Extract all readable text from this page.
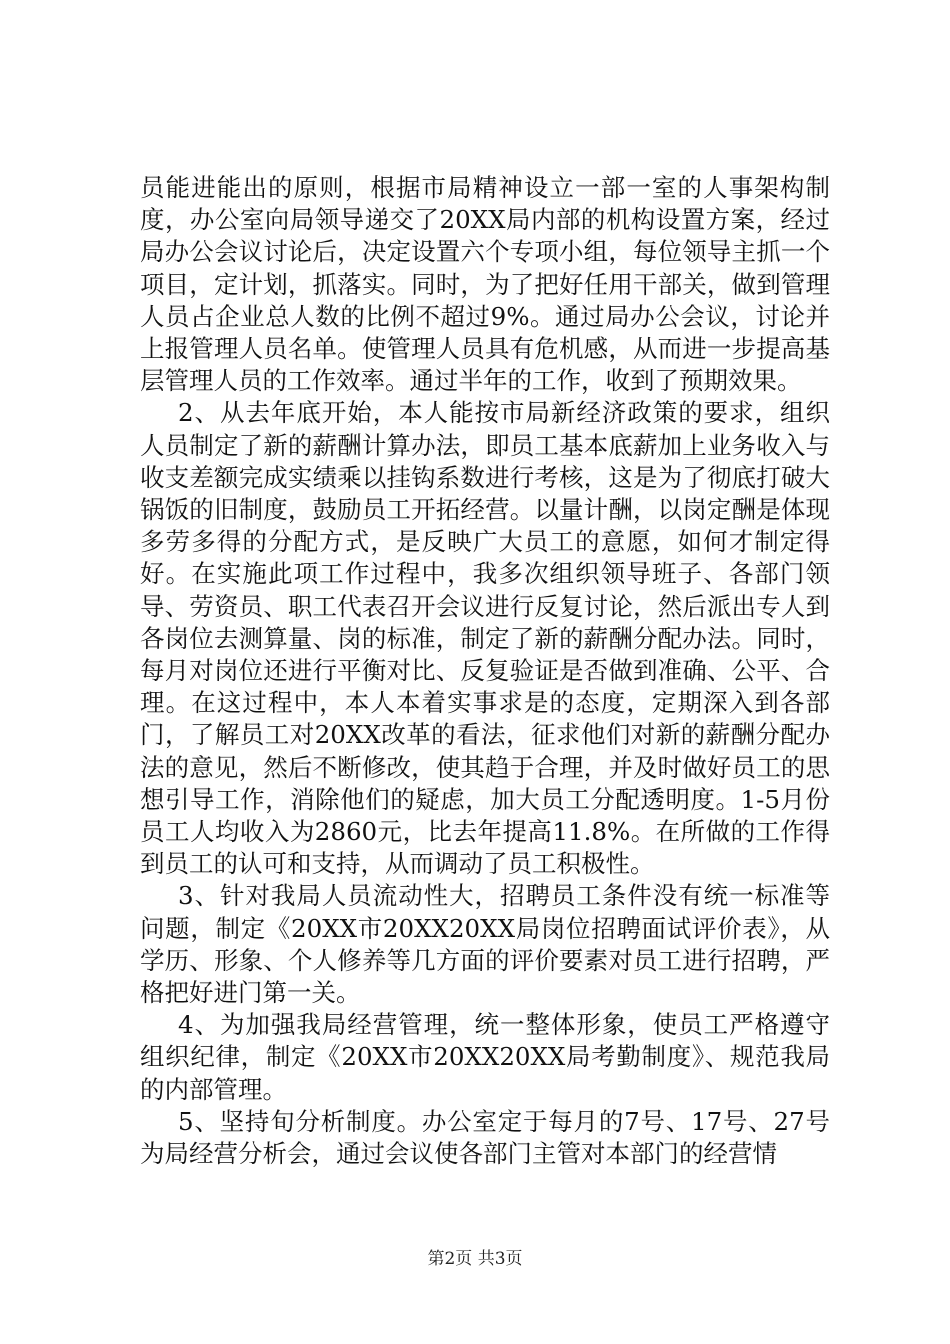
员能进能出的原则，根据市局精神设立一部一室的人事架构制度，办公室向局领导递交了20XX局内部的机构设置方案，经过局办公会议讨论后，决定设置六个专项小组，每位领导主抓一个项目，定计划，抓落实。同时，为了把好任用干部关，做到管理人员占企业总人数的比例不超过9%。通过局办公会议，讨论并上报管理人员名单。使管理人员具有危机感，从而进一步提高基层管理人员的工作效率。通过半年的工作，收到了预期效果。

2、从去年底开始，本人能按市局新经济政策的要求，组织人员制定了新的薪酬计算办法，即员工基本底薪加上业务收入与收支差额完成实绩乘以挂钩系数进行考核，这是为了彻底打破大锅饭的旧制度，鼓励员工开拓经营。以量计酬，以岗定酬是体现多劳多得的分配方式，是反映广大员工的意愿，如何才制定得好。在实施此项工作过程中，我多次组织领导班子、各部门领导、劳资员、职工代表召开会议进行反复讨论，然后派出专人到各岗位去测算量、岗的标准，制定了新的薪酬分配办法。同时，每月对岗位还进行平衡对比、反复验证是否做到准确、公平、合理。在这过程中，本人本着实事求是的态度，定期深入到各部门，了解员工对20XX改革的看法，征求他们对新的薪酬分配办法的意见，然后不断修改，使其趋于合理，并及时做好员工的思想引导工作，消除他们的疑虑，加大员工分配透明度。1-5月份员工人均收入为2860元，比去年提高11.8%。在所做的工作得到员工的认可和支持，从而调动了员工积极性。

3、针对我局人员流动性大，招聘员工条件没有统一标准等问题，制定《20XX市20XX20XX局岗位招聘面试评价表》，从学历、形象、个人修养等几方面的评价要素对员工进行招聘，严格把好进门第一关。

4、为加强我局经营管理，统一整体形象，使员工严格遵守组织纪律，制定《20XX市20XX20XX局考勤制度》、规范我局的内部管理。

5、坚持旬分析制度。办公室定于每月的7号、17号、27号为局经营分析会，通过会议使各部门主管对本部门的经营情

第2页 共3页
